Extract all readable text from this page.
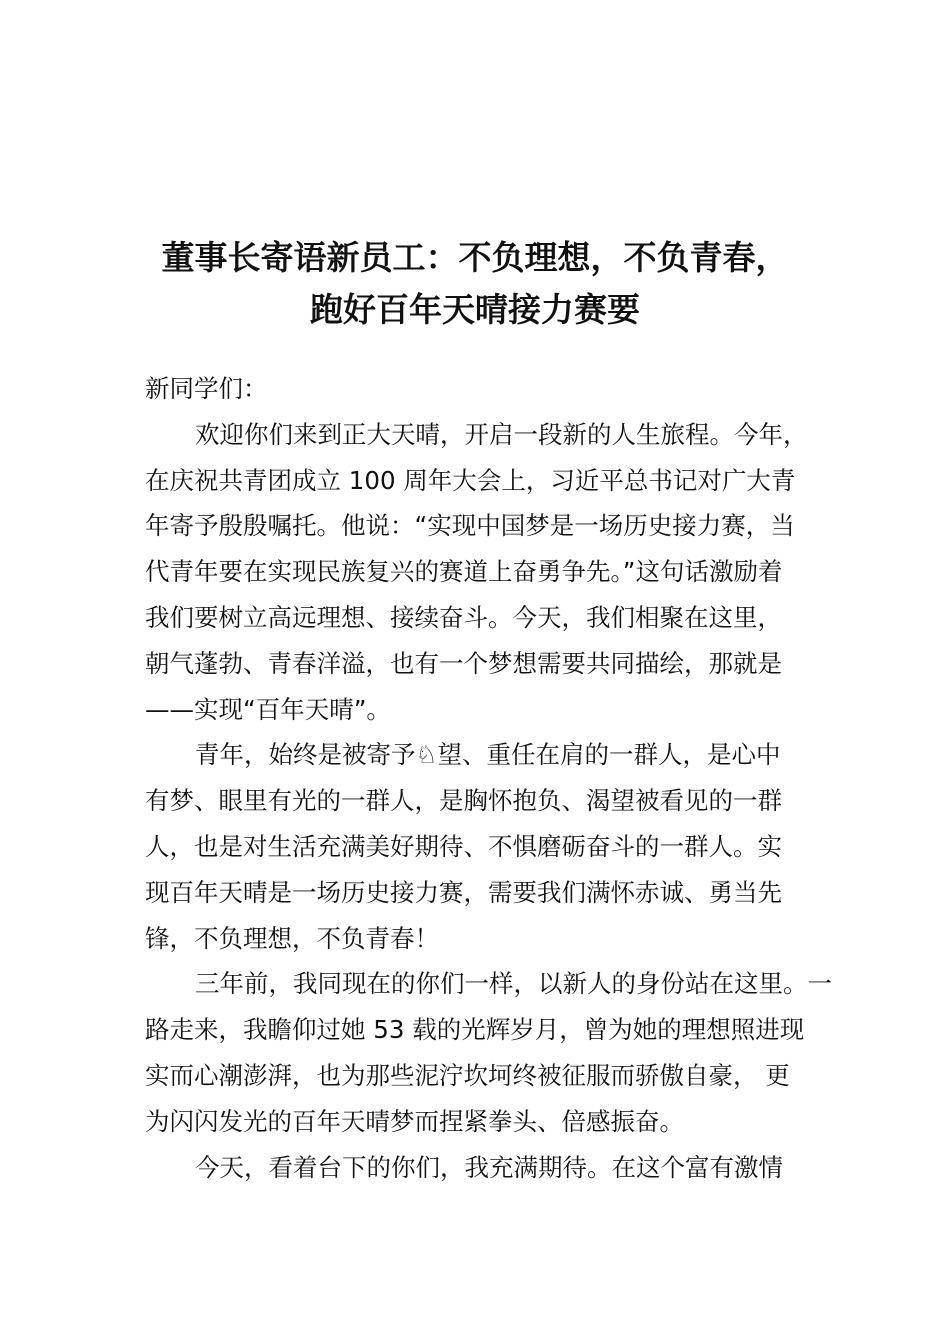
董事长寄语新员工：不负理想，不负青春，
跑好百年天晴接力赛要
新同学们：
欢迎你们来到正大天晴，开启一段新的人生旅程。今年，
在庆祝共青团成立 100 周年大会上，习近平总书记对广大青
年寄予殷殷嘱托。他说：“实现中国梦是一场历史接力赛，当
代青年要在实现民族复兴的赛道上奋勇争先。”这句话激励着
我们要树立高远理想、接续奋斗。今天，我们相聚在这里，
朝气蓬勃、青春洋溢，也有一个梦想需要共同描绘，那就是
——实现“百年天晴”。
青年，始终是被寄予♘望、重任在肩的一群人，是心中
有梦、眼里有光的一群人，是胸怀抱负、渴望被看见的一群
人，也是对生活充满美好期待、不惧磨砺奋斗的一群人。实
现百年天晴是一场历史接力赛，需要我们满怀赤诚、勇当先
锋，不负理想，不负青春！
三年前，我同现在的你们一样，以新人的身份站在这里。一
路走来，我瞻仰过她 53 载的光辉岁月，曾为她的理想照进现
实而心潮澎湃，也为那些泥泞坎坷终被征服而骄傲自豪， 更
为闪闪发光的百年天晴梦而捏紧拳头、倍感振奋。
今天，看着台下的你们，我充满期待。在这个富有激情
